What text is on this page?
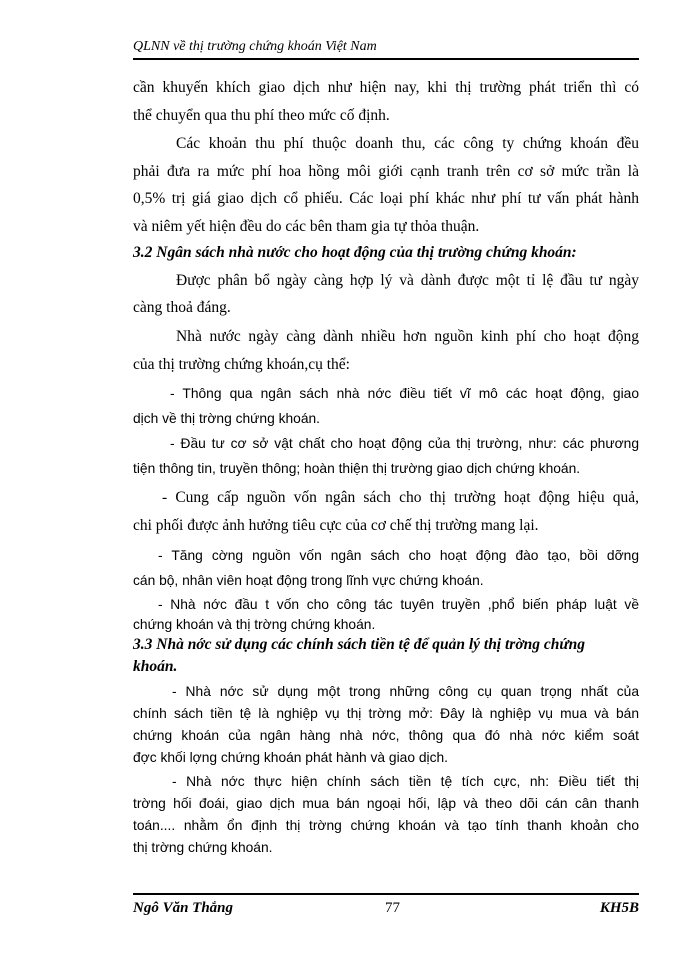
QLNN về thị trường chứng khoán Việt Nam
cần khuyến khích giao dịch như hiện nay, khi thị trường phát triển thì có
thể chuyển qua thu phí theo mức cố định.
Các khoản thu phí thuộc doanh thu, các công ty chứng khoán đều
phải đưa ra mức phí hoa hồng môi giới cạnh tranh trên cơ sở mức trần là
0,5% trị giá giao dịch cổ phiếu. Các loại phí khác như phí tư vấn phát hành
và niêm yết hiện đều do các bên tham gia tự thỏa thuận.
3.2 Ngân sách nhà nước cho hoạt động của thị trường chứng khoán:
Được phân bổ ngày càng hợp lý và dành được một tỉ lệ đầu tư ngày
càng thoả đáng.
Nhà nước ngày càng dành nhiều hơn nguồn kinh phí cho hoạt động
của thị trường chứng khoán,cụ thể:
- Thông qua ngân sách nhà nớc điều tiết vĩ mô các hoạt động, giao
dịch về thị trờng chứng khoán.
- Đầu tư cơ sở vật chất cho hoạt động của thị trường, như: các phương
tiện thông tin, truyền thông; hoàn thiện thị trường giao dịch chứng khoán.
- Cung cấp nguồn vốn ngân sách cho thị trường hoạt động hiệu quả,
chi phối được ảnh hưởng tiêu cực của cơ chế thị trường mang lại.
- Tăng cờng nguồn vốn ngân sách cho hoạt động đào tạo, bồi dỡng
cán bộ, nhân viên hoạt động trong lĩnh vực chứng khoán.
- Nhà nớc đầu t vốn cho công tác tuyên truyền ,phổ biến pháp luật về
chứng khoán và thị trờng chứng khoán.
3.3 Nhà nớc sử dụng các chính sách tiền tệ để quản lý thị trờng chứng
khoán.
- Nhà nớc sử dụng một trong những công cụ quan trọng nhất của
chính sách tiền tệ là nghiệp vụ thị trờng mở: Đây là nghiệp vụ mua và bán
chứng khoán của ngân hàng nhà nớc, thông qua đó nhà nớc kiểm soát
đợc khối lợng chứng khoán phát hành và giao dịch.
- Nhà nớc thực hiện chính sách tiền tệ tích cực, nh: Điều tiết thị
trờng hối đoái, giao dịch mua bán ngoại hối, lập và theo dõi cán cân thanh
toán.... nhằm ổn định thị trờng chứng khoán và tạo tính thanh khoản cho
thị trờng chứng khoán.
Ngô Văn Thắng	77	KH5B
